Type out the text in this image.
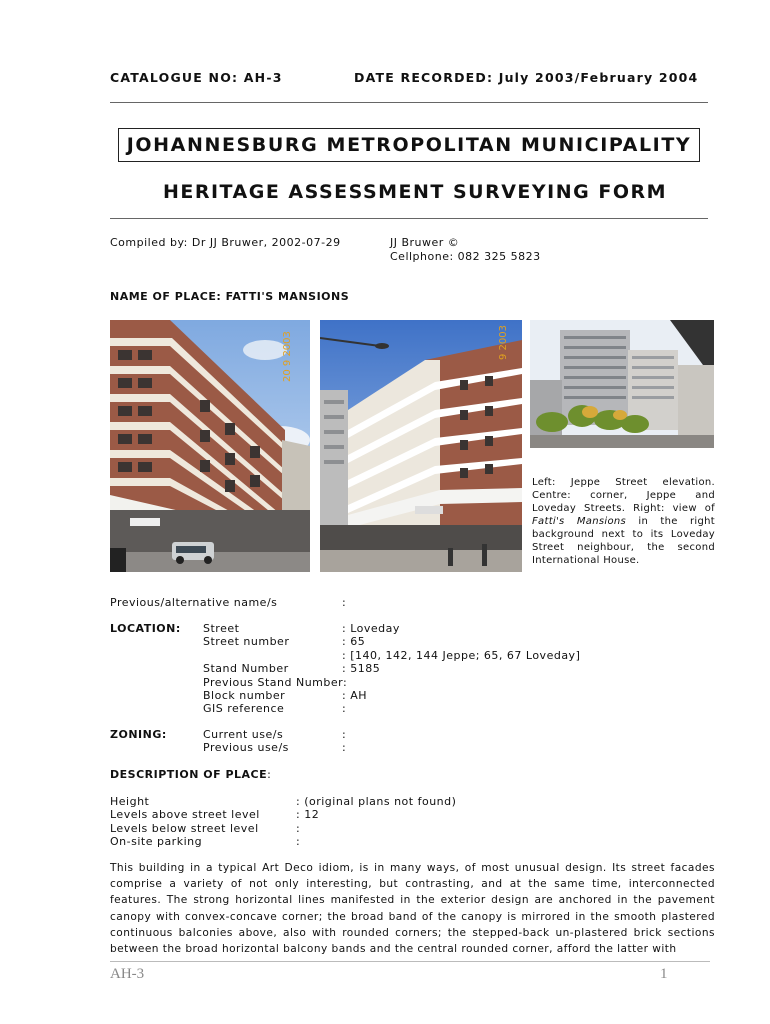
CATALOGUE NO: AH-3	DATE RECORDED: July 2003/February 2004
JOHANNESBURG METROPOLITAN MUNICIPALITY
HERITAGE ASSESSMENT SURVEYING FORM
Compiled by: Dr JJ Bruwer, 2002-07-29	JJ Bruwer ©
Cellphone: 082 325 5823
NAME OF PLACE: FATTI'S MANSIONS
20 9 2003	9 2003
Left: Jeppe Street elevation. Centre: corner, Jeppe and Loveday Streets. Right: view of Fatti's Mansions in the right background next to its Loveday Street neighbour, the second International House.
Previous/alternative name/s	:
LOCATION: Street	: Loveday
Street number	: 65
: [140, 142, 144 Jeppe; 65, 67 Loveday]
Stand Number	: 5185
Previous Stand Number:
Block number	: AH
GIS reference	:
ZONING:	Current use/s	:
Previous use/s	:
DESCRIPTION OF PLACE:
Height	: (original plans not found)
Levels above street level	: 12
Levels below street level	:
On-site parking	:
This building in a typical Art Deco idiom, is in many ways, of most unusual design. Its street facades comprise a variety of not only interesting, but contrasting, and at the same time, interconnected features. The strong horizontal lines manifested in the exterior design are anchored in the pavement canopy with convex-concave corner; the broad band of the canopy is mirrored in the smooth plastered continuous balconies above, also with rounded corners; the stepped-back un-plastered brick sections between the broad horizontal balcony bands and the central rounded corner, afford the latter with
AH-3	1
